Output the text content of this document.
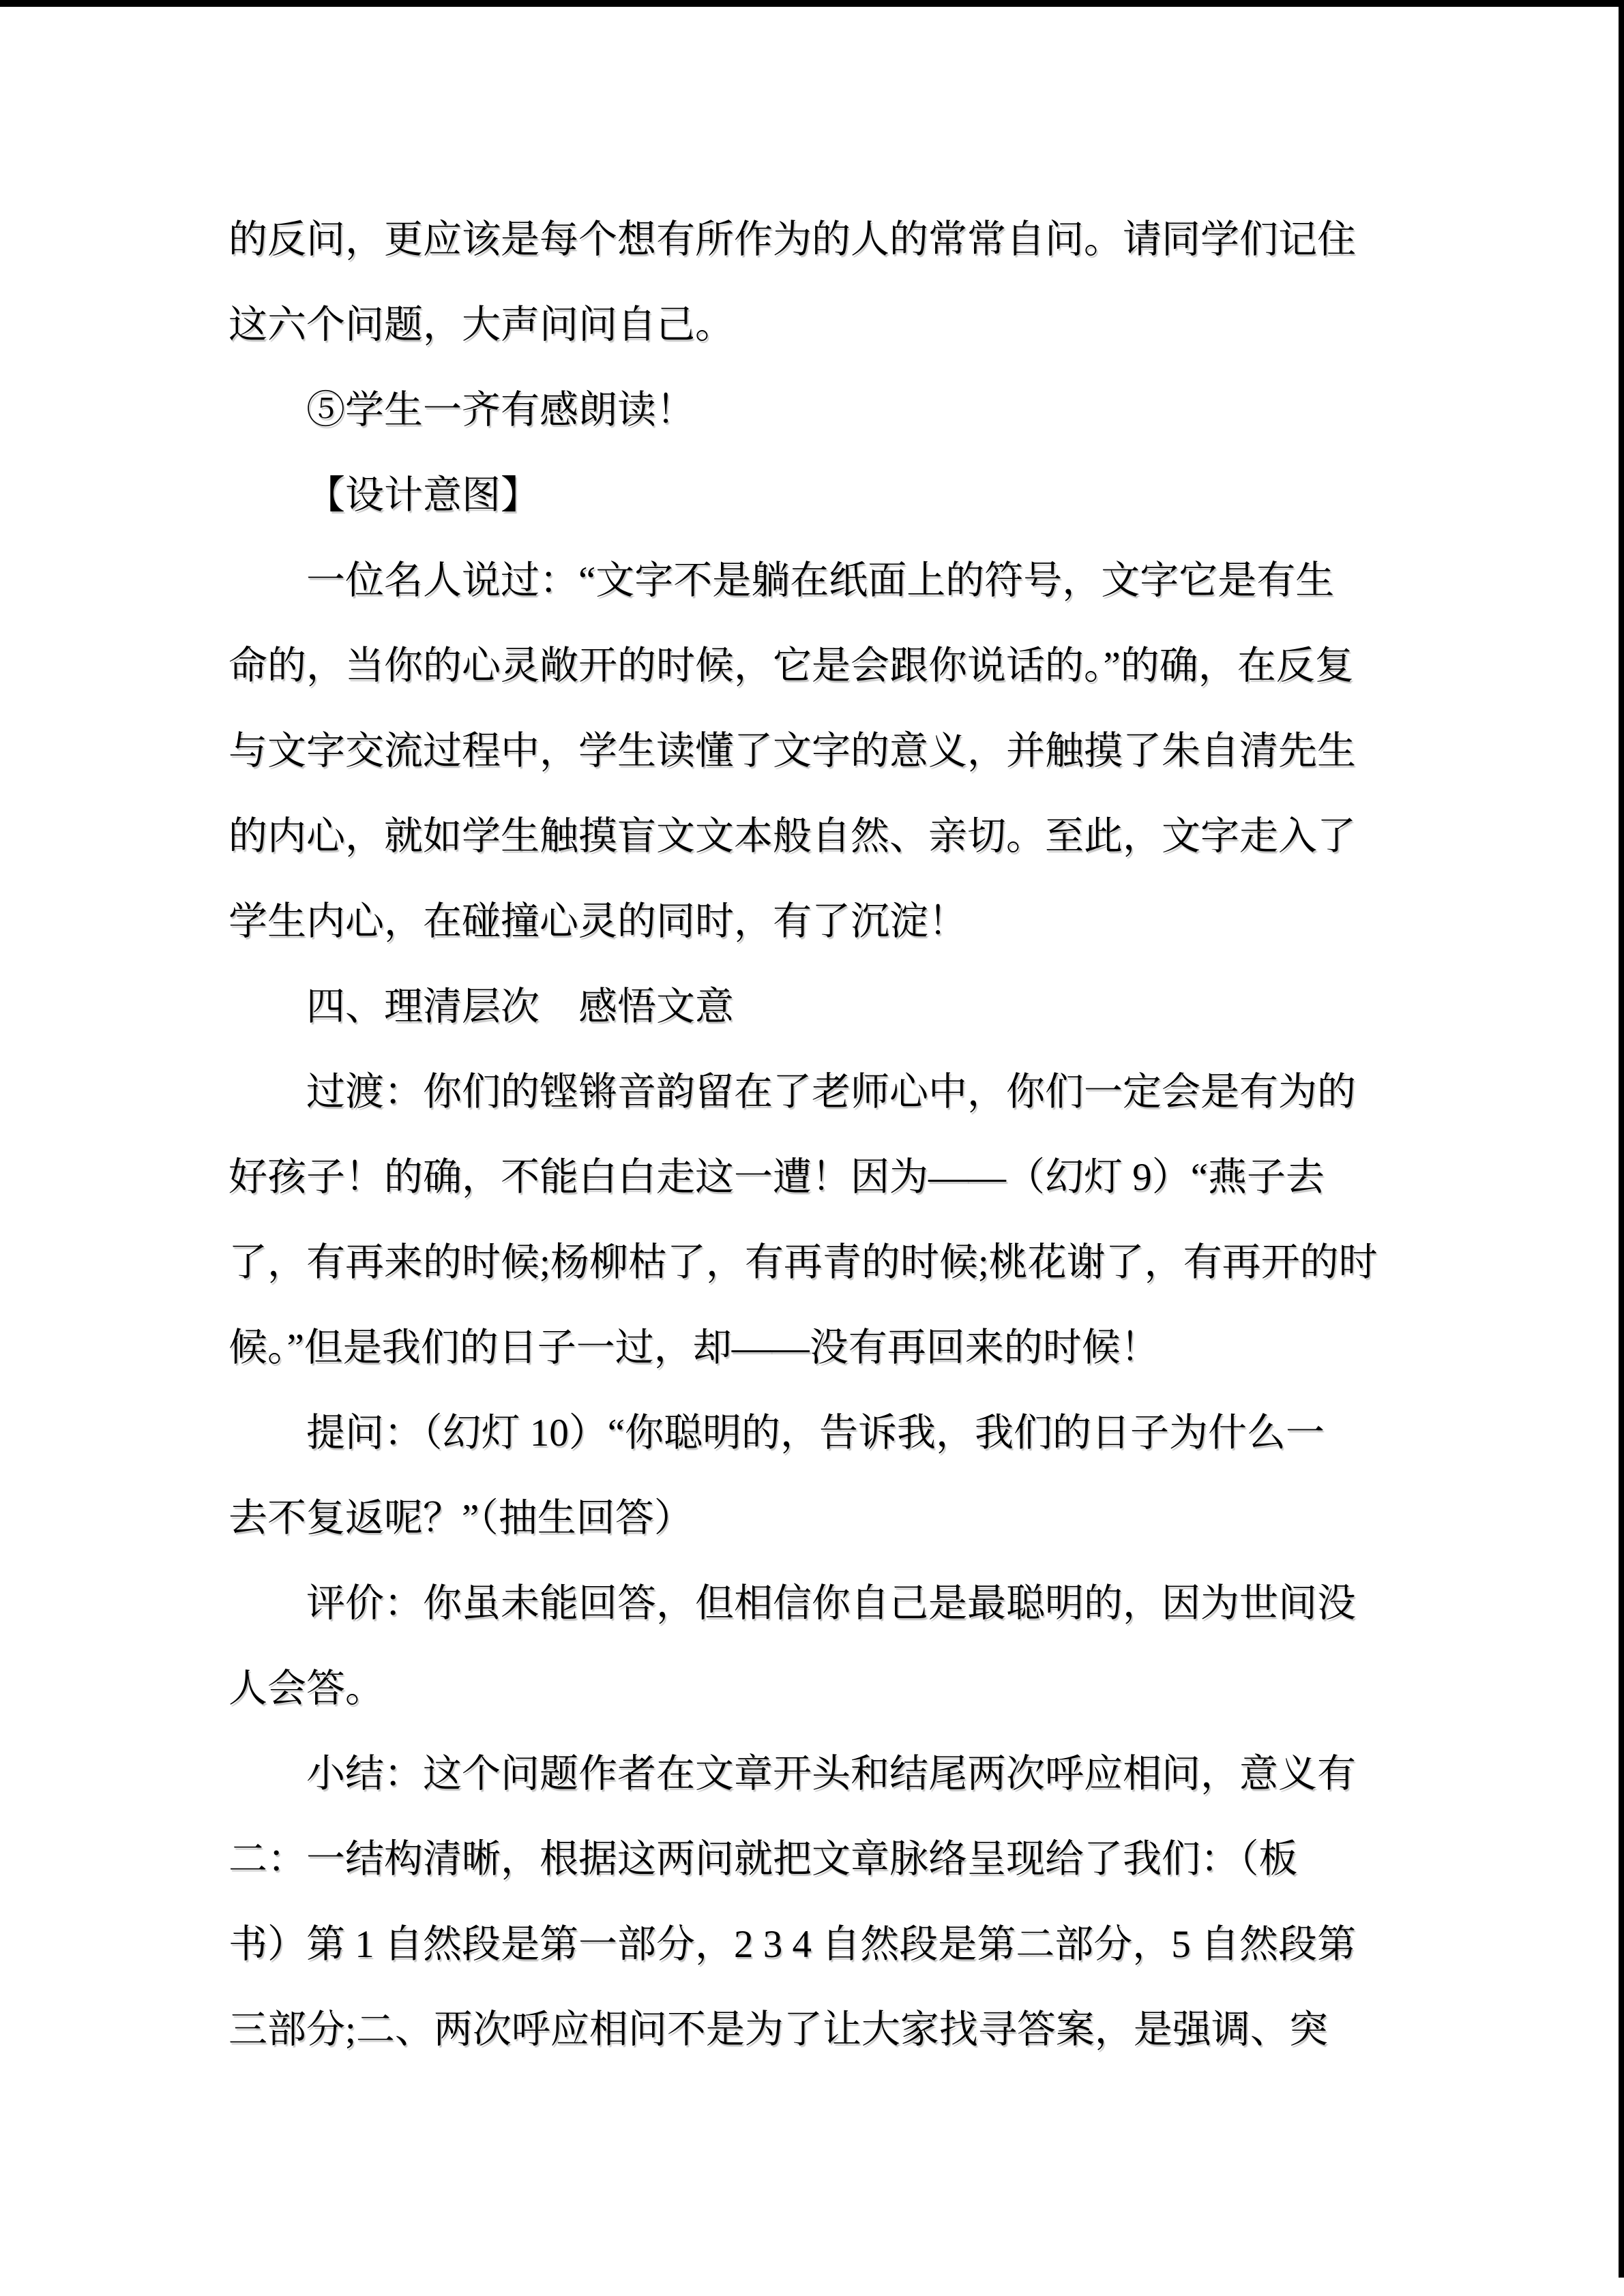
的反问，更应该是每个想有所作为的人的常常自问。请同学们记住
这六个问题，大声问问自己。
⑤学生一齐有感朗读！
【设计意图】
一位名人说过：“文字不是躺在纸面上的符号，文字它是有生
命的，当你的心灵敞开的时候，它是会跟你说话的。”的确，在反复
与文字交流过程中，学生读懂了文字的意义，并触摸了朱自清先生
的内心，就如学生触摸盲文文本般自然、亲切。至此，文字走入了
学生内心，在碰撞心灵的同时，有了沉淀！
四、理清层次　感悟文意
过渡：你们的铿锵音韵留在了老师心中，你们一定会是有为的
好孩子！的确，不能白白走这一遭！因为——（幻灯 9）“燕子去
了，有再来的时候;杨柳枯了，有再青的时候;桃花谢了，有再开的时
候。”但是我们的日子一过，却——没有再回来的时候！
提问：（幻灯 10）“你聪明的，告诉我，我们的日子为什么一
去不复返呢？”（抽生回答）
评价：你虽未能回答，但相信你自己是最聪明的，因为世间没
人会答。
小结：这个问题作者在文章开头和结尾两次呼应相问，意义有
二：一结构清晰，根据这两问就把文章脉络呈现给了我们：（板
书）第 1 自然段是第一部分，2 3 4 自然段是第二部分，5 自然段第
三部分;二、两次呼应相问不是为了让大家找寻答案，是强调、突
